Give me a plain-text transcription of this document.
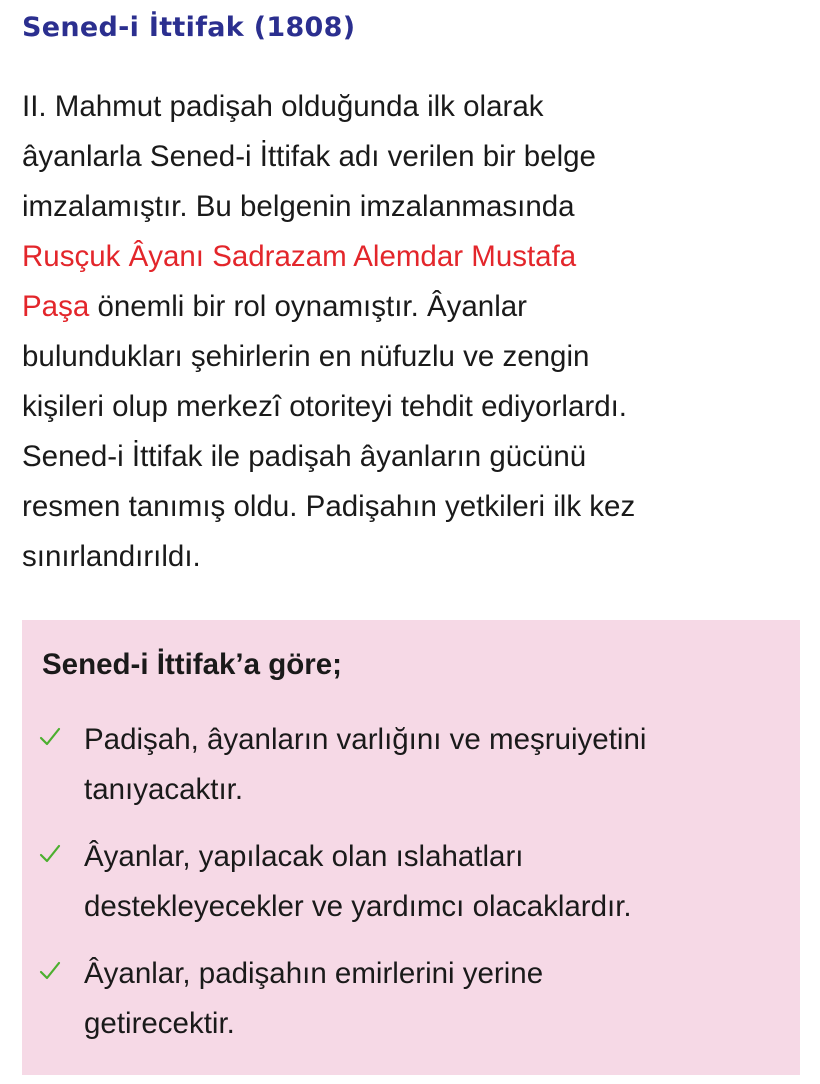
Sened-i İttifak (1808)

II. Mahmut padişah olduğunda ilk olarak
âyanlarla Sened-i İttifak adı verilen bir belge
imzalamıştır. Bu belgenin imzalanmasında
Rusçuk Âyanı Sadrazam Alemdar Mustafa
Paşa önemli bir rol oynamıştır. Âyanlar
bulundukları şehirlerin en nüfuzlu ve zengin
kişileri olup merkezî otoriteyi tehdit ediyorlardı.
Sened-i İttifak ile padişah âyanların gücünü
resmen tanımış oldu. Padişahın yetkileri ilk kez
sınırlandırıldı.

Sened-i İttifak’a göre;
Padişah, âyanların varlığını ve meşruiyetini
tanıyacaktır.
Âyanlar, yapılacak olan ıslahatları
destekleyecekler ve yardımcı olacaklardır.
Âyanlar, padişahın emirlerini yerine
getirecektir.
